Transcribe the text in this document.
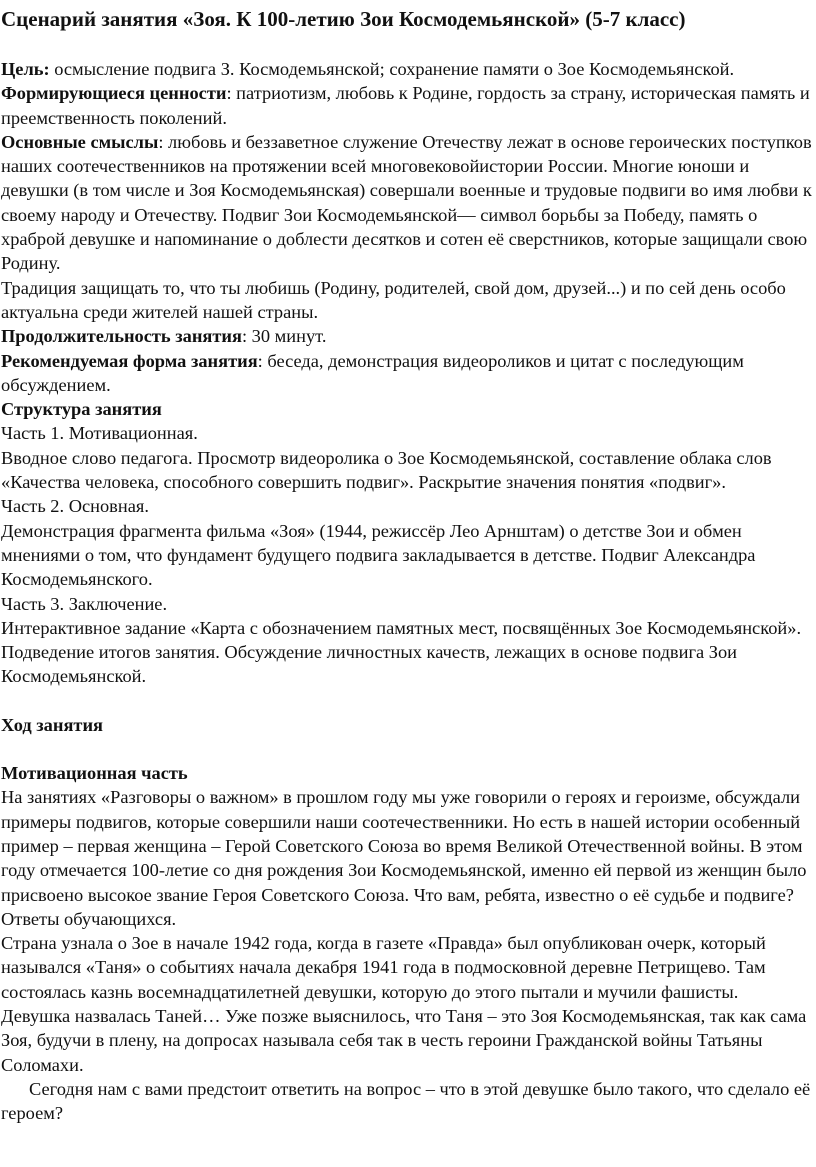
Сценарий занятия «Зоя. К 100-летию Зои Космодемьянской» (5-7 класс)

Цель: осмысление подвига З. Космодемьянской; сохранение памяти о Зое Космодемьянской.

Формирующиеся ценности: патриотизм, любовь к Родине, гордость за страну, историческая память и преемственность поколений.

Основные смыслы: любовь и беззаветное служение Отечеству лежат в основе героических поступков наших соотечественников на протяжении всей многовековойистории России. Многие юноши и девушки (в том числе и Зоя Космодемьянская) совершали военные и трудовые подвиги во имя любви к своему народу и Отечеству. Подвиг Зои Космодемьянской— символ борьбы за Победу, память о храброй девушке и напоминание о доблести десятков и сотен её сверстников, которые защищали свою Родину.

Традиция защищать то, что ты любишь (Родину, родителей, свой дом, друзей...) и по сей день особо актуальна среди жителей нашей страны.

Продолжительность занятия: 30 минут.

Рекомендуемая форма занятия: беседа, демонстрация видеороликов и цитат с последующим обсуждением.

Структура занятия

Часть 1. Мотивационная.

Вводное слово педагога. Просмотр видеоролика о Зое Космодемьянской, составление облака слов «Качества человека, способного совершить подвиг». Раскрытие значения понятия «подвиг».

Часть 2. Основная.

Демонстрация фрагмента фильма «Зоя» (1944, режиссёр Лео Арнштам) о детстве Зои и обмен мнениями о том, что фундамент будущего подвига закладывается в детстве. Подвиг Александра Космодемьянского.

Часть 3. Заключение.

Интерактивное задание «Карта с обозначением памятных мест, посвящённых Зое Космодемьянской». Подведение итогов занятия. Обсуждение личностных качеств, лежащих в основе подвига Зои Космодемьянской.

Ход занятия

Мотивационная часть

На занятиях «Разговоры о важном» в прошлом году мы уже говорили о героях и героизме, обсуждали примеры подвигов, которые совершили наши соотечественники. Но есть в нашей истории особенный пример – первая женщина – Герой Советского Союза во время Великой Отечественной войны. В этом году отмечается 100-летие со дня рождения Зои Космодемьянской, именно ей первой из женщин было присвоено высокое звание Героя Советского Союза. Что вам, ребята, известно о её судьбе и подвиге?

Ответы обучающихся.

Страна узнала о Зое в начале 1942 года, когда в газете «Правда» был опубликован очерк, который назывался «Таня» о событиях начала декабря 1941 года в подмосковной деревне Петрищево. Там состоялась казнь восемнадцатилетней девушки, которую до этого пытали и мучили фашисты. Девушка назвалась Таней… Уже позже выяснилось, что Таня – это Зоя Космодемьянская, так как сама Зоя, будучи в плену, на допросах называла себя так в честь героини Гражданской войны Татьяны Соломахи.

Сегодня нам с вами предстоит ответить на вопрос – что в этой девушке было такого, что сделало её героем?
